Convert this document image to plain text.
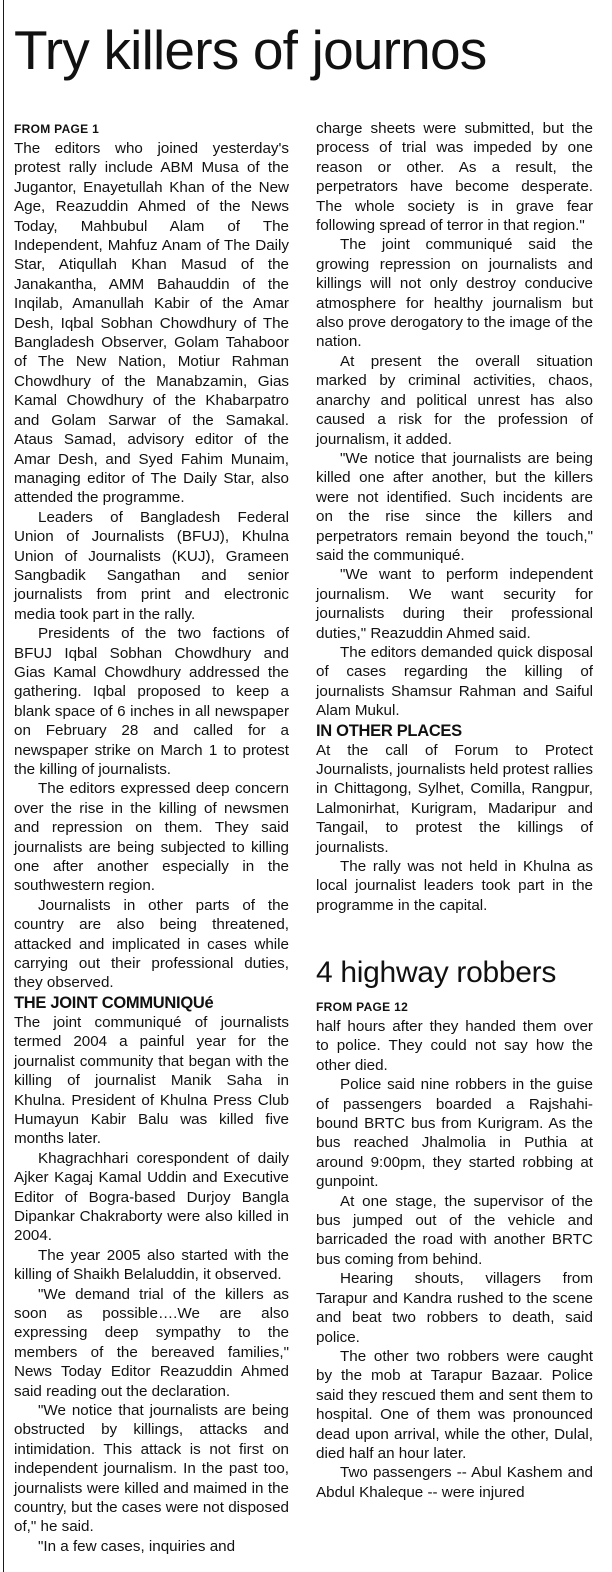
Try killers of journos
FROM PAGE 1

The editors who joined yesterday's protest rally include ABM Musa of the Jugantor, Enayetullah Khan of the New Age, Reazuddin Ahmed of the News Today, Mahbubul Alam of The Independent, Mahfuz Anam of The Daily Star, Atiqullah Khan Masud of the Janakantha, AMM Bahauddin of the Inqilab, Amanullah Kabir of the Amar Desh, Iqbal Sobhan Chowdhury of The Bangladesh Observer, Golam Tahaboor of The New Nation, Motiur Rahman Chowdhury of the Manabzamin, Gias Kamal Chowdhury of the Khabarpatro and Golam Sarwar of the Samakal. Ataus Samad, advisory editor of the Amar Desh, and Syed Fahim Munaim, managing editor of The Daily Star, also attended the programme.

Leaders of Bangladesh Federal Union of Journalists (BFUJ), Khulna Union of Journalists (KUJ), Grameen Sangbadik Sangathan and senior journalists from print and electronic media took part in the rally.

Presidents of the two factions of BFUJ Iqbal Sobhan Chowdhury and Gias Kamal Chowdhury addressed the gathering. Iqbal proposed to keep a blank space of 6 inches in all newspaper on February 28 and called for a newspaper strike on March 1 to protest the killing of journalists.

The editors expressed deep concern over the rise in the killing of newsmen and repression on them. They said journalists are being subjected to killing one after another especially in the southwestern region.

Journalists in other parts of the country are also being threatened, attacked and implicated in cases while carrying out their professional duties, they observed.

THE JOINT COMMUNIQUé

The joint communiqué of journalists termed 2004 a painful year for the journalist community that began with the killing of journalist Manik Saha in Khulna. President of Khulna Press Club Humayun Kabir Balu was killed five months later.

Khagrachhari corespondent of daily Ajker Kagaj Kamal Uddin and Executive Editor of Bogra-based Durjoy Bangla Dipankar Chakraborty were also killed in 2004.

The year 2005 also started with the killing of Shaikh Belaluddin, it observed.

"We demand trial of the killers as soon as possible….We are also expressing deep sympathy to the members of the bereaved families," News Today Editor Reazuddin Ahmed said reading out the declaration.

"We notice that journalists are being obstructed by killings, attacks and intimidation. This attack is not first on independent journalism. In the past too, journalists were killed and maimed in the country, but the cases were not disposed of," he said.

"In a few cases, inquiries and

charge sheets were submitted, but the process of trial was impeded by one reason or other. As a result, the perpetrators have become desperate. The whole society is in grave fear following spread of terror in that region."

The joint communiqué said the growing repression on journalists and killings will not only destroy conducive atmosphere for healthy journalism but also prove derogatory to the image of the nation.

At present the overall situation marked by criminal activities, chaos, anarchy and political unrest has also caused a risk for the profession of journalism, it added.

"We notice that journalists are being killed one after another, but the killers were not identified. Such incidents are on the rise since the killers and perpetrators remain beyond the touch," said the communiqué.

"We want to perform independent journalism. We want security for journalists during their professional duties," Reazuddin Ahmed said.

The editors demanded quick disposal of cases regarding the killing of journalists Shamsur Rahman and Saiful Alam Mukul.

IN OTHER PLACES

At the call of Forum to Protect Journalists, journalists held protest rallies in Chittagong, Sylhet, Comilla, Rangpur, Lalmonirhat, Kurigram, Madaripur and Tangail, to protest the killings of journalists.

The rally was not held in Khulna as local journalist leaders took part in the programme in the capital.

4 highway robbers
FROM PAGE 12

half hours after they handed them over to police. They could not say how the other died.

Police said nine robbers in the guise of passengers boarded a Rajshahi-bound BRTC bus from Kurigram. As the bus reached Jhalmolia in Puthia at around 9:00pm, they started robbing at gunpoint.

At one stage, the supervisor of the bus jumped out of the vehicle and barricaded the road with another BRTC bus coming from behind.

Hearing shouts, villagers from Tarapur and Kandra rushed to the scene and beat two robbers to death, said police.

The other two robbers were caught by the mob at Tarapur Bazaar. Police said they rescued them and sent them to hospital. One of them was pronounced dead upon arrival, while the other, Dulal, died half an hour later.

Two passengers -- Abul Kashem and Abdul Khaleque -- were injured
